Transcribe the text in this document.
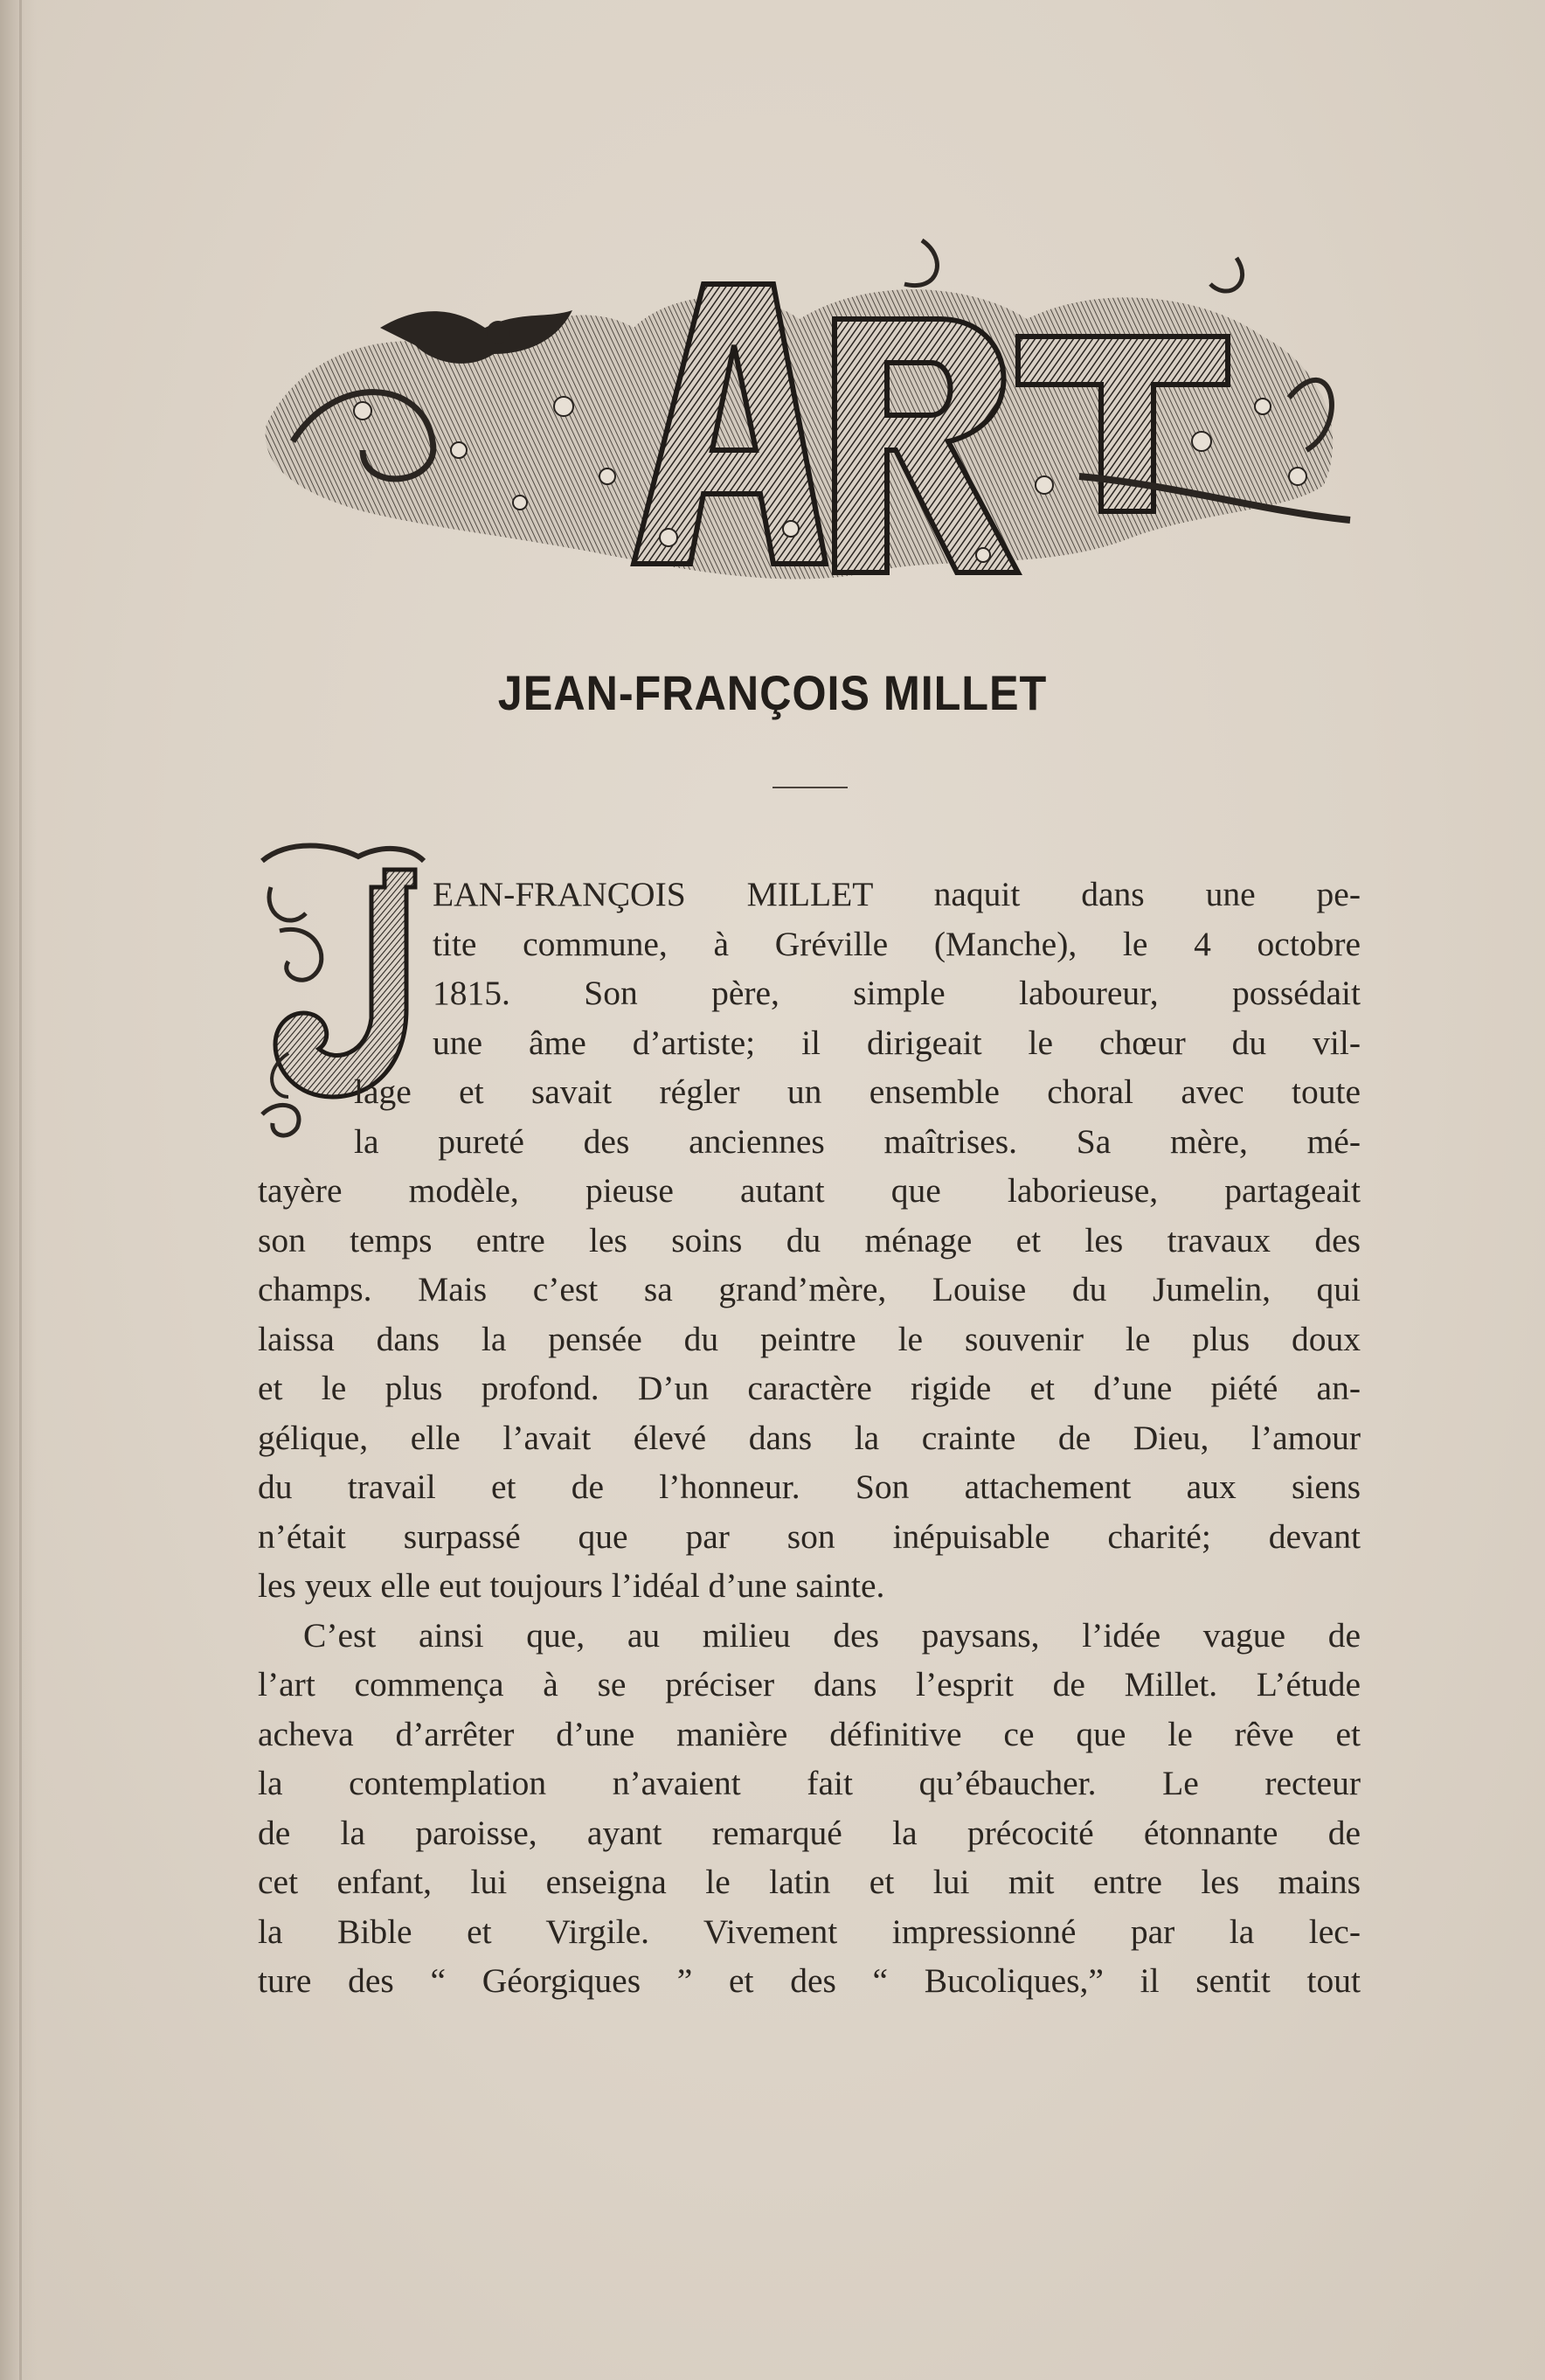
JEAN-FRANÇOIS MILLET
EAN-FRANÇOIS MILLET naquit dans une pe-
tite commune, à Gréville (Manche), le 4 octobre
1815. Son père, simple laboureur, possédait
une âme d’artiste; il dirigeait le chœur du vil-
lage et savait régler un ensemble choral avec toute
la pureté des anciennes maîtrises. Sa mère, mé-
tayère modèle, pieuse autant que laborieuse, partageait
son temps entre les soins du ménage et les travaux des
champs. Mais c’est sa grand’mère, Louise du Jumelin, qui
laissa dans la pensée du peintre le souvenir le plus doux
et le plus profond. D’un caractère rigide et d’une piété an-
gélique, elle l’avait élevé dans la crainte de Dieu, l’amour
du travail et de l’honneur. Son attachement aux siens
n’était surpassé que par son inépuisable charité; devant
les yeux elle eut toujours l’idéal d’une sainte.
C’est ainsi que, au milieu des paysans, l’idée vague de
l’art commença à se préciser dans l’esprit de Millet. L’étude
acheva d’arrêter d’une manière définitive ce que le rêve et
la contemplation n’avaient fait qu’ébaucher. Le recteur
de la paroisse, ayant remarqué la précocité étonnante de
cet enfant, lui enseigna le latin et lui mit entre les mains
la Bible et Virgile. Vivement impressionné par la lec-
ture des “ Géorgiques ” et des “ Bucoliques,” il sentit tout
